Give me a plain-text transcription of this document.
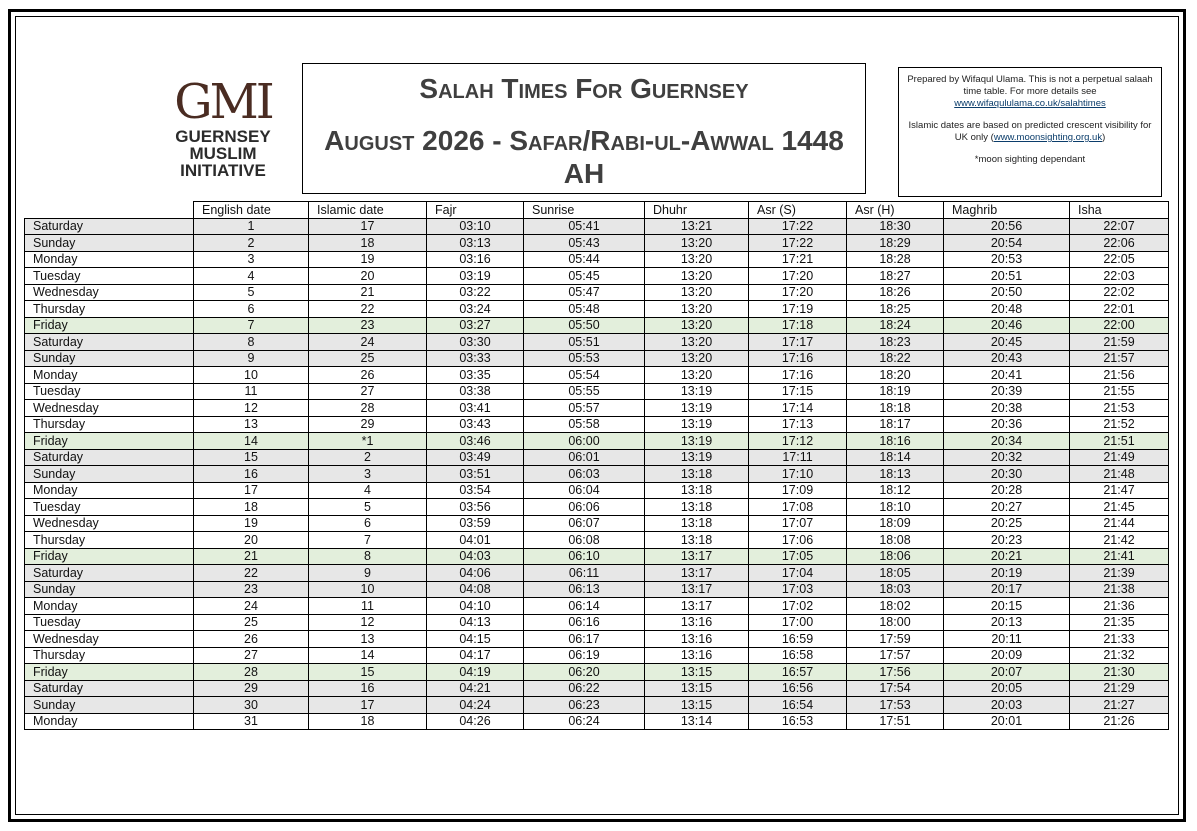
GMI
GUERNSEY
MUSLIM
INITIATIVE
Salah Times For Guernsey
August 2026 - Safar/Rabi-ul-Awwal 1448 AH

Prepared by Wifaqul Ulama. This is not a perpetual salaah time table. For more details see www.wifaqululama.co.uk/salahtimes

Islamic dates are based on predicted crescent visibility for UK only (www.moonsighting.org.uk)

*moon sighting dependant

	English date	Islamic date	Fajr	Sunrise	Dhuhr	Asr (S)	Asr (H)	Maghrib	Isha
Saturday	1	17	03:10	05:41	13:21	17:22	18:30	20:56	22:07
Sunday	2	18	03:13	05:43	13:20	17:22	18:29	20:54	22:06
Monday	3	19	03:16	05:44	13:20	17:21	18:28	20:53	22:05
Tuesday	4	20	03:19	05:45	13:20	17:20	18:27	20:51	22:03
Wednesday	5	21	03:22	05:47	13:20	17:20	18:26	20:50	22:02
Thursday	6	22	03:24	05:48	13:20	17:19	18:25	20:48	22:01
Friday	7	23	03:27	05:50	13:20	17:18	18:24	20:46	22:00
Saturday	8	24	03:30	05:51	13:20	17:17	18:23	20:45	21:59
Sunday	9	25	03:33	05:53	13:20	17:16	18:22	20:43	21:57
Monday	10	26	03:35	05:54	13:20	17:16	18:20	20:41	21:56
Tuesday	11	27	03:38	05:55	13:19	17:15	18:19	20:39	21:55
Wednesday	12	28	03:41	05:57	13:19	17:14	18:18	20:38	21:53
Thursday	13	29	03:43	05:58	13:19	17:13	18:17	20:36	21:52
Friday	14	*1	03:46	06:00	13:19	17:12	18:16	20:34	21:51
Saturday	15	2	03:49	06:01	13:19	17:11	18:14	20:32	21:49
Sunday	16	3	03:51	06:03	13:18	17:10	18:13	20:30	21:48
Monday	17	4	03:54	06:04	13:18	17:09	18:12	20:28	21:47
Tuesday	18	5	03:56	06:06	13:18	17:08	18:10	20:27	21:45
Wednesday	19	6	03:59	06:07	13:18	17:07	18:09	20:25	21:44
Thursday	20	7	04:01	06:08	13:18	17:06	18:08	20:23	21:42
Friday	21	8	04:03	06:10	13:17	17:05	18:06	20:21	21:41
Saturday	22	9	04:06	06:11	13:17	17:04	18:05	20:19	21:39
Sunday	23	10	04:08	06:13	13:17	17:03	18:03	20:17	21:38
Monday	24	11	04:10	06:14	13:17	17:02	18:02	20:15	21:36
Tuesday	25	12	04:13	06:16	13:16	17:00	18:00	20:13	21:35
Wednesday	26	13	04:15	06:17	13:16	16:59	17:59	20:11	21:33
Thursday	27	14	04:17	06:19	13:16	16:58	17:57	20:09	21:32
Friday	28	15	04:19	06:20	13:15	16:57	17:56	20:07	21:30
Saturday	29	16	04:21	06:22	13:15	16:56	17:54	20:05	21:29
Sunday	30	17	04:24	06:23	13:15	16:54	17:53	20:03	21:27
Monday	31	18	04:26	06:24	13:14	16:53	17:51	20:01	21:26
